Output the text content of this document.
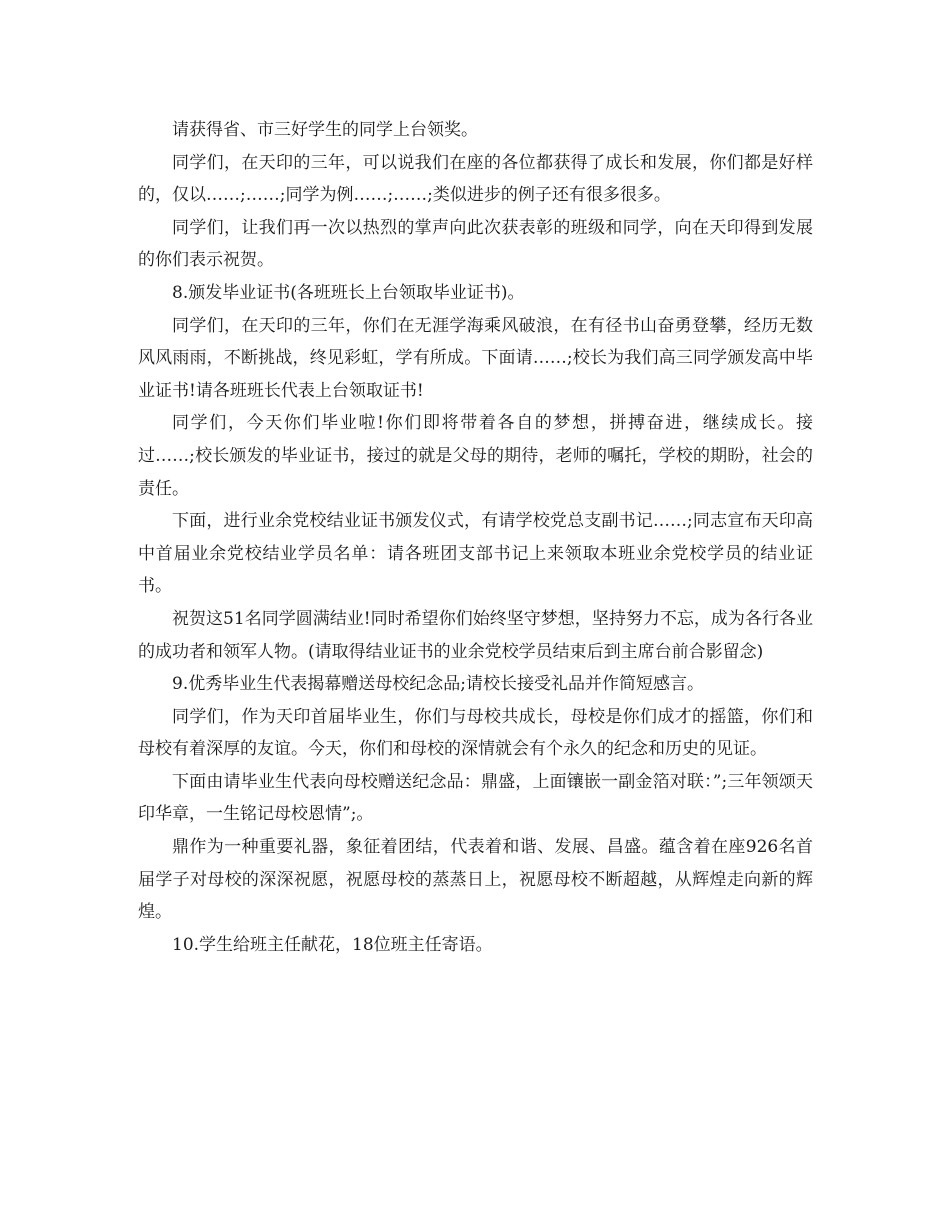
请获得省、市三好学生的同学上台领奖。

同学们，在天印的三年，可以说我们在座的各位都获得了成长和发展，你们都是好样的，仅以……;……;同学为例……;……;类似进步的例子还有很多很多。

同学们，让我们再一次以热烈的掌声向此次获表彰的班级和同学，向在天印得到发展的你们表示祝贺。

8.颁发毕业证书(各班班长上台领取毕业证书)。

同学们，在天印的三年，你们在无涯学海乘风破浪，在有径书山奋勇登攀，经历无数风风雨雨，不断挑战，终见彩虹，学有所成。下面请……;校长为我们高三同学颁发高中毕业证书!请各班班长代表上台领取证书!

同学们，今天你们毕业啦!你们即将带着各自的梦想，拼搏奋进，继续成长。接过……;校长颁发的毕业证书，接过的就是父母的期待，老师的嘱托，学校的期盼，社会的责任。

下面，进行业余党校结业证书颁发仪式，有请学校党总支副书记……;同志宣布天印高中首届业余党校结业学员名单：请各班团支部书记上来领取本班业余党校学员的结业证书。

祝贺这51名同学圆满结业!同时希望你们始终坚守梦想，坚持努力不忘，成为各行各业的成功者和领军人物。(请取得结业证书的业余党校学员结束后到主席台前合影留念)

9.优秀毕业生代表揭幕赠送母校纪念品;请校长接受礼品并作简短感言。

同学们，作为天印首届毕业生，你们与母校共成长，母校是你们成才的摇篮，你们和母校有着深厚的友谊。今天，你们和母校的深情就会有个永久的纪念和历史的见证。

下面由请毕业生代表向母校赠送纪念品：鼎盛，上面镶嵌一副金箔对联：”;三年领颂天印华章，一生铭记母校恩情”;。

鼎作为一种重要礼器，象征着团结，代表着和谐、发展、昌盛。蕴含着在座926名首届学子对母校的深深祝愿，祝愿母校的蒸蒸日上，祝愿母校不断超越，从辉煌走向新的辉煌。

10.学生给班主任献花，18位班主任寄语。
